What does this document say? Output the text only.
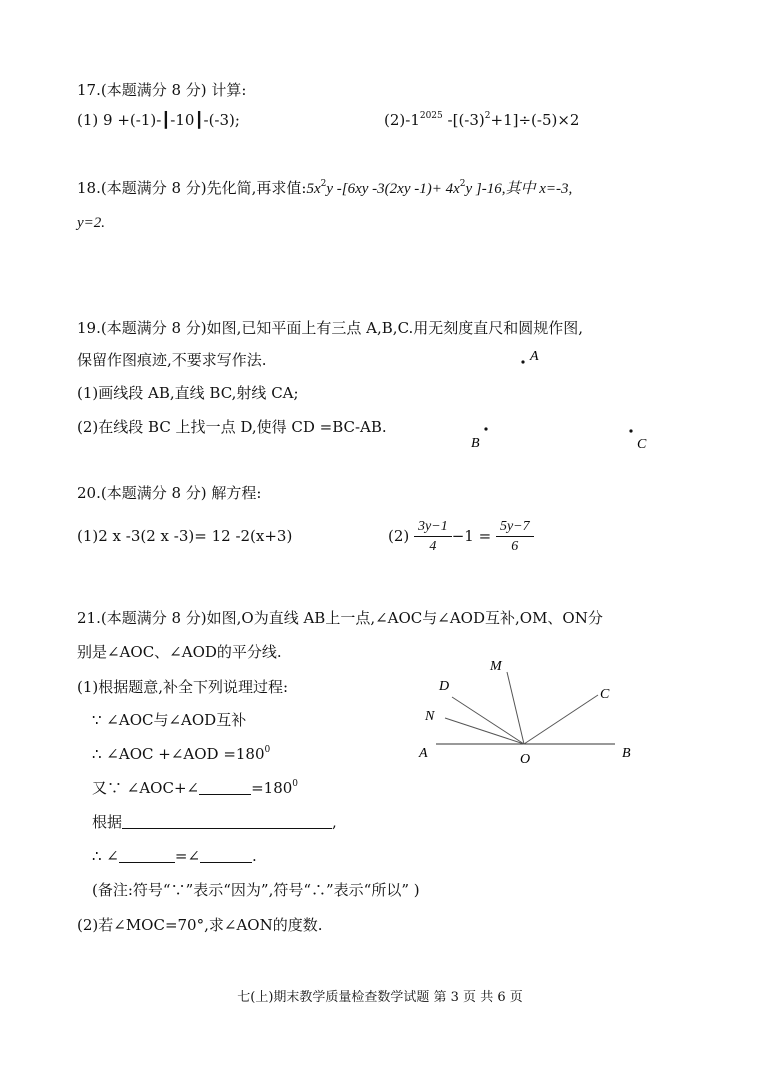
17.(本题满分 8 分) 计算:
(1) 9 +(-1)-┃-10┃-(-3);	$(2)-1^{2025}$ $-[(-3)^2+1]\div(-5)\times 2$
18.(本题满分 8 分)先化简,再求值$:5x^2y$ -[6xy -3(2xy $-1)+ 4x^2y$ ]-16,其中 x=-3,
y=2.
19.(本题满分 8 分)如图,已知平面上有三点 A,B,C.用无刻度直尺和圆规作图,
保留作图痕迹,不要求写作法.
(1)画线段 AB,直线 BC,射线 CA;
(2)在线段 BC 上找一点 D,使得 CD =BC-AB.
A
B	C
20.(本题满分 8 分) 解方程:
(1)2 x -3(2 x -3)= 12 -2(x+3)	$(2) \frac{3y-1}{4} -1 = \frac{5y-7}{6}$
21.(本题满分 8 分)如图,O为直线 AB上一点,∠AOC与∠AOD互补,OM、ON分
别是∠AOC、∠AOD的平分线.
(1)根据题意,补全下列说理过程:
∵ ∠AOC与∠AOD互补
∴ ∠AOC +∠AOD $=180^0$
又∵ ∠AOC+∠	$=180^0$
根据	,
∴ ∠	=∠	.
(备注:符号“∵”表示“因为”,符号“∴”表示“所以” )
(2)若∠MOC=70°,求∠AON的度数.
A	B
O
C
M
D
N
七(上)期末教学质量检查数学试题 第 3 页 共 6 页
